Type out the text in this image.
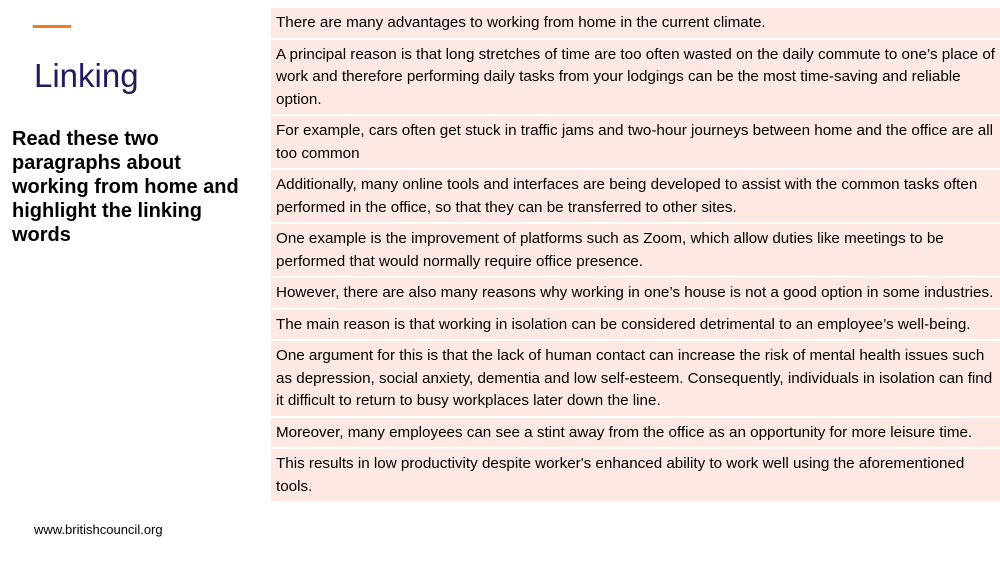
Linking

Read these two paragraphs about working from home and highlight the linking words

www.britishcouncil.org

There are many advantages to working from home in the current climate.
A principal reason is that long stretches of time are too often wasted on the daily commute to one’s place of work and therefore performing daily tasks from your lodgings can be the most time-saving and reliable option.
For example, cars often get stuck in traffic jams and two-hour journeys between home and the office are all too common
Additionally, many online tools and interfaces are being developed to assist with the common tasks often performed in the office, so that they can be transferred to other sites.
One example is the improvement of platforms such as Zoom, which allow duties like meetings to be performed that would normally require office presence.

However, there are also many reasons why working in one’s house is not a good option in some industries.
The main reason is that working in isolation can be considered detrimental to an employee’s well-being.
One argument for this is that the lack of human contact can increase the risk of mental health issues such as depression, social anxiety, dementia and low self-esteem. Consequently, individuals in isolation can find it difficult to return to busy workplaces later down the line.
Moreover, many employees can see a stint away from the office as an opportunity for more leisure time.
This results in low productivity despite worker's enhanced ability to work well using the aforementioned tools.
